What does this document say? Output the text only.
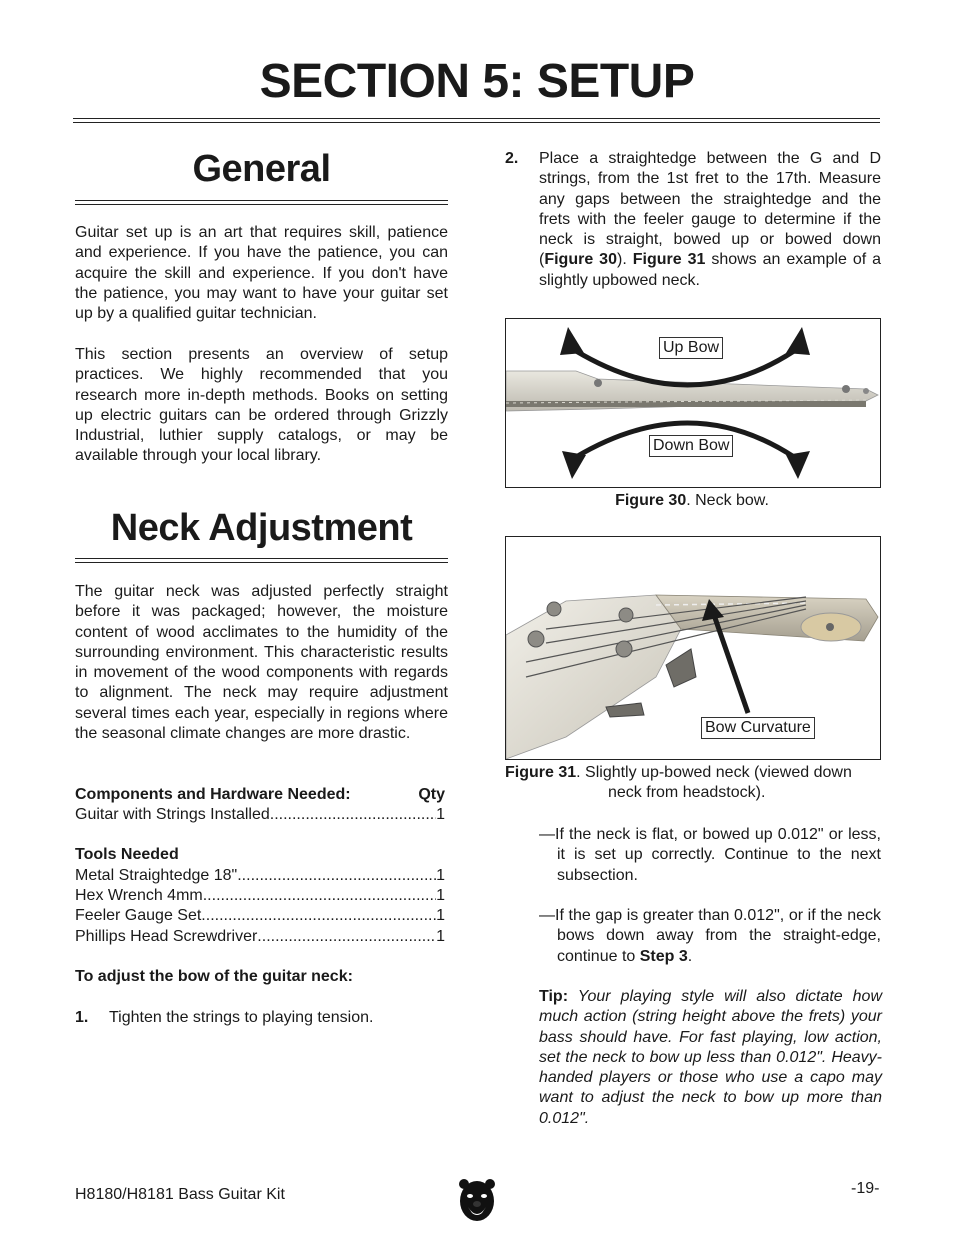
SECTION 5: SETUP
General
Guitar set up is an art that requires skill, patience and experience. If you have the patience, you can acquire the skill and experience. If you don't have the patience, you may want to have your guitar set up by a qualified guitar technician.
This section presents an overview of setup practices. We highly recommended that you research more in-depth methods. Books on setting up electric guitars can be ordered through Grizzly Industrial, luthier supply catalogs, or may be available through your local library.
Neck Adjustment
The guitar neck was adjusted perfectly straight before it was packaged; however, the moisture content of wood acclimates to the humidity of the surrounding environment. This characteristic results in movement of the wood components with regards to alignment. The neck may require adjustment several times each year, especially in regions where the seasonal climate changes are more drastic.
Components and Hardware Needed:	Qty
Guitar with Strings Installed .....	1
Tools Needed
Metal Straightedge 18" .....	1
Hex Wrench 4mm .....	1
Feeler Gauge Set .....	1
Phillips Head Screwdriver .....	1
To adjust the bow of the guitar neck:
1. Tighten the strings to playing tension.
2. Place a straightedge between the G and D strings, from the 1st fret to the 17th. Measure any gaps between the straightedge and the frets with the feeler gauge to determine if the neck is straight, bowed up or bowed down (Figure 30). Figure 31 shows an example of a slightly upbowed neck.
Up Bow
Down Bow
Figure 30. Neck bow.
Bow Curvature
Figure 31. Slightly up-bowed neck (viewed down
neck from headstock).
—If the neck is flat, or bowed up 0.012" or less, it is set up correctly. Continue to the next subsection.
—If the gap is greater than 0.012", or if the neck bows down away from the straight-edge, continue to Step 3.
Tip: Your playing style will also dictate how much action (string height above the frets) your bass should have. For fast playing, low action, set the neck to bow up less than 0.012". Heavy-handed players or those who use a capo may want to adjust the neck to bow up more than 0.012".
H8180/H8181 Bass Guitar Kit	-19-
